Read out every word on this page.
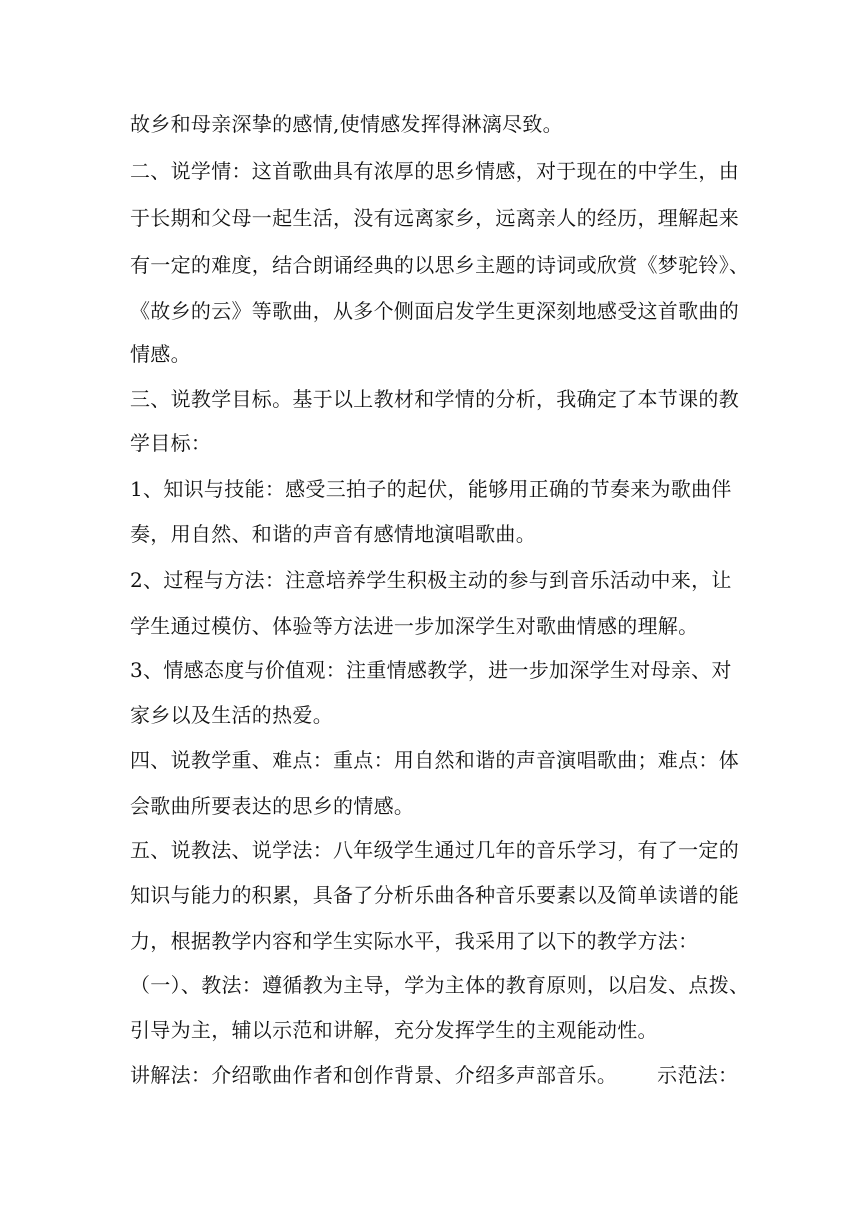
故乡和母亲深挚的感情,使情感发挥得淋漓尽致。
二、说学情：这首歌曲具有浓厚的思乡情感，对于现在的中学生，由
于长期和父母一起生活，没有远离家乡，远离亲人的经历，理解起来
有一定的难度，结合朗诵经典的以思乡主题的诗词或欣赏《梦驼铃》、
《故乡的云》等歌曲，从多个侧面启发学生更深刻地感受这首歌曲的
情感。
三、说教学目标。基于以上教材和学情的分析，我确定了本节课的教
学目标：
1、知识与技能：感受三拍子的起伏，能够用正确的节奏来为歌曲伴
奏，用自然、和谐的声音有感情地演唱歌曲。
2、过程与方法：注意培养学生积极主动的参与到音乐活动中来，让
学生通过模仿、体验等方法进一步加深学生对歌曲情感的理解。
3、情感态度与价值观：注重情感教学，进一步加深学生对母亲、对
家乡以及生活的热爱。
四、说教学重、难点：重点：用自然和谐的声音演唱歌曲；难点：体
会歌曲所要表达的思乡的情感。
五、说教法、说学法：八年级学生通过几年的音乐学习，有了一定的
知识与能力的积累，具备了分析乐曲各种音乐要素以及简单读谱的能
力，根据教学内容和学生实际水平，我采用了以下的教学方法：
（一）、教法：遵循教为主导，学为主体的教育原则，以启发、点拨、
引导为主，辅以示范和讲解，充分发挥学生的主观能动性。
讲解法：介绍歌曲作者和创作背景、介绍多声部音乐。      示范法：
